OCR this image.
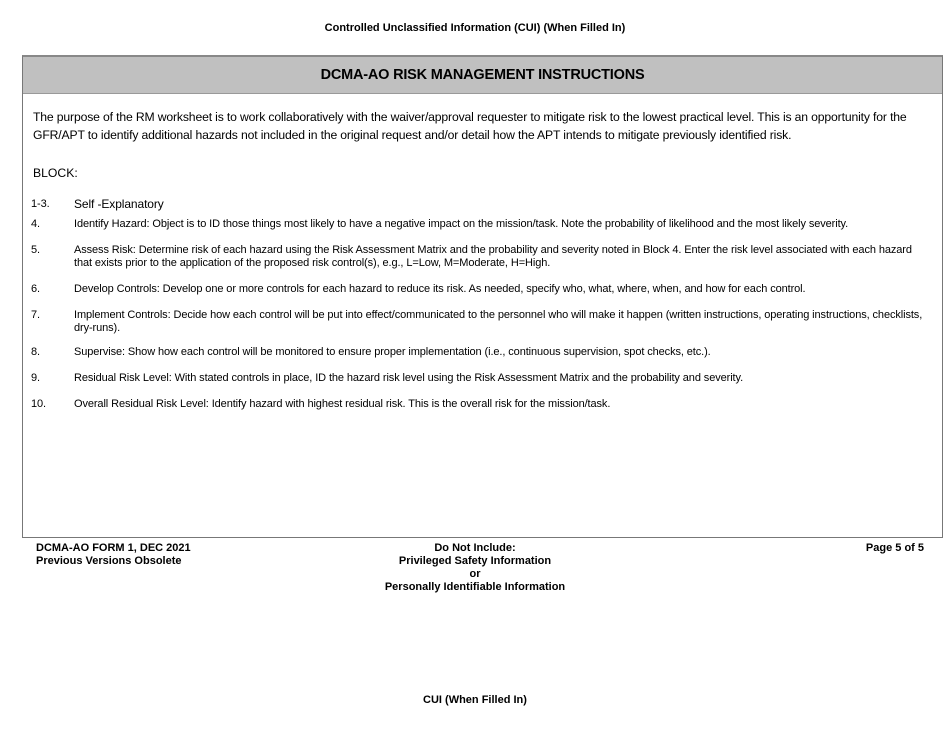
Controlled Unclassified Information (CUI) (When Filled In)
DCMA-AO RISK MANAGEMENT INSTRUCTIONS
The purpose of the RM worksheet is to work collaboratively with the waiver/approval requester to mitigate risk to the lowest practical level. This is an opportunity for the GFR/APT to identify additional hazards not included in the original request and/or detail how the APT intends to mitigate previously identified risk.
BLOCK:
1-3.	Self -Explanatory
4.	Identify Hazard: Object is to ID those things most likely to have a negative impact on the mission/task. Note the probability of likelihood and the most likely severity.
5.	Assess Risk: Determine risk of each hazard using the Risk Assessment Matrix and the probability and severity noted in Block 4. Enter the risk level associated with each hazard that exists prior to the application of the proposed risk control(s), e.g., L=Low, M=Moderate, H=High.
6.	Develop Controls: Develop one or more controls for each hazard to reduce its risk. As needed, specify who, what, where, when, and how for each control.
7.	Implement Controls: Decide how each control will be put into effect/communicated to the personnel who will make it happen (written instructions, operating instructions, checklists, dry-runs).
8.	Supervise: Show how each control will be monitored to ensure proper implementation (i.e., continuous supervision, spot checks, etc.).
9.	Residual Risk Level: With stated controls in place, ID the hazard risk level using the Risk Assessment Matrix and the probability and severity.
10.	Overall Residual Risk Level: Identify hazard with highest residual risk. This is the overall risk for the mission/task.
DCMA-AO FORM 1, DEC 2021
Previous Versions Obsolete
Do Not Include:
Privileged Safety Information
or
Personally Identifiable Information
Page 5 of 5
CUI (When Filled In)
